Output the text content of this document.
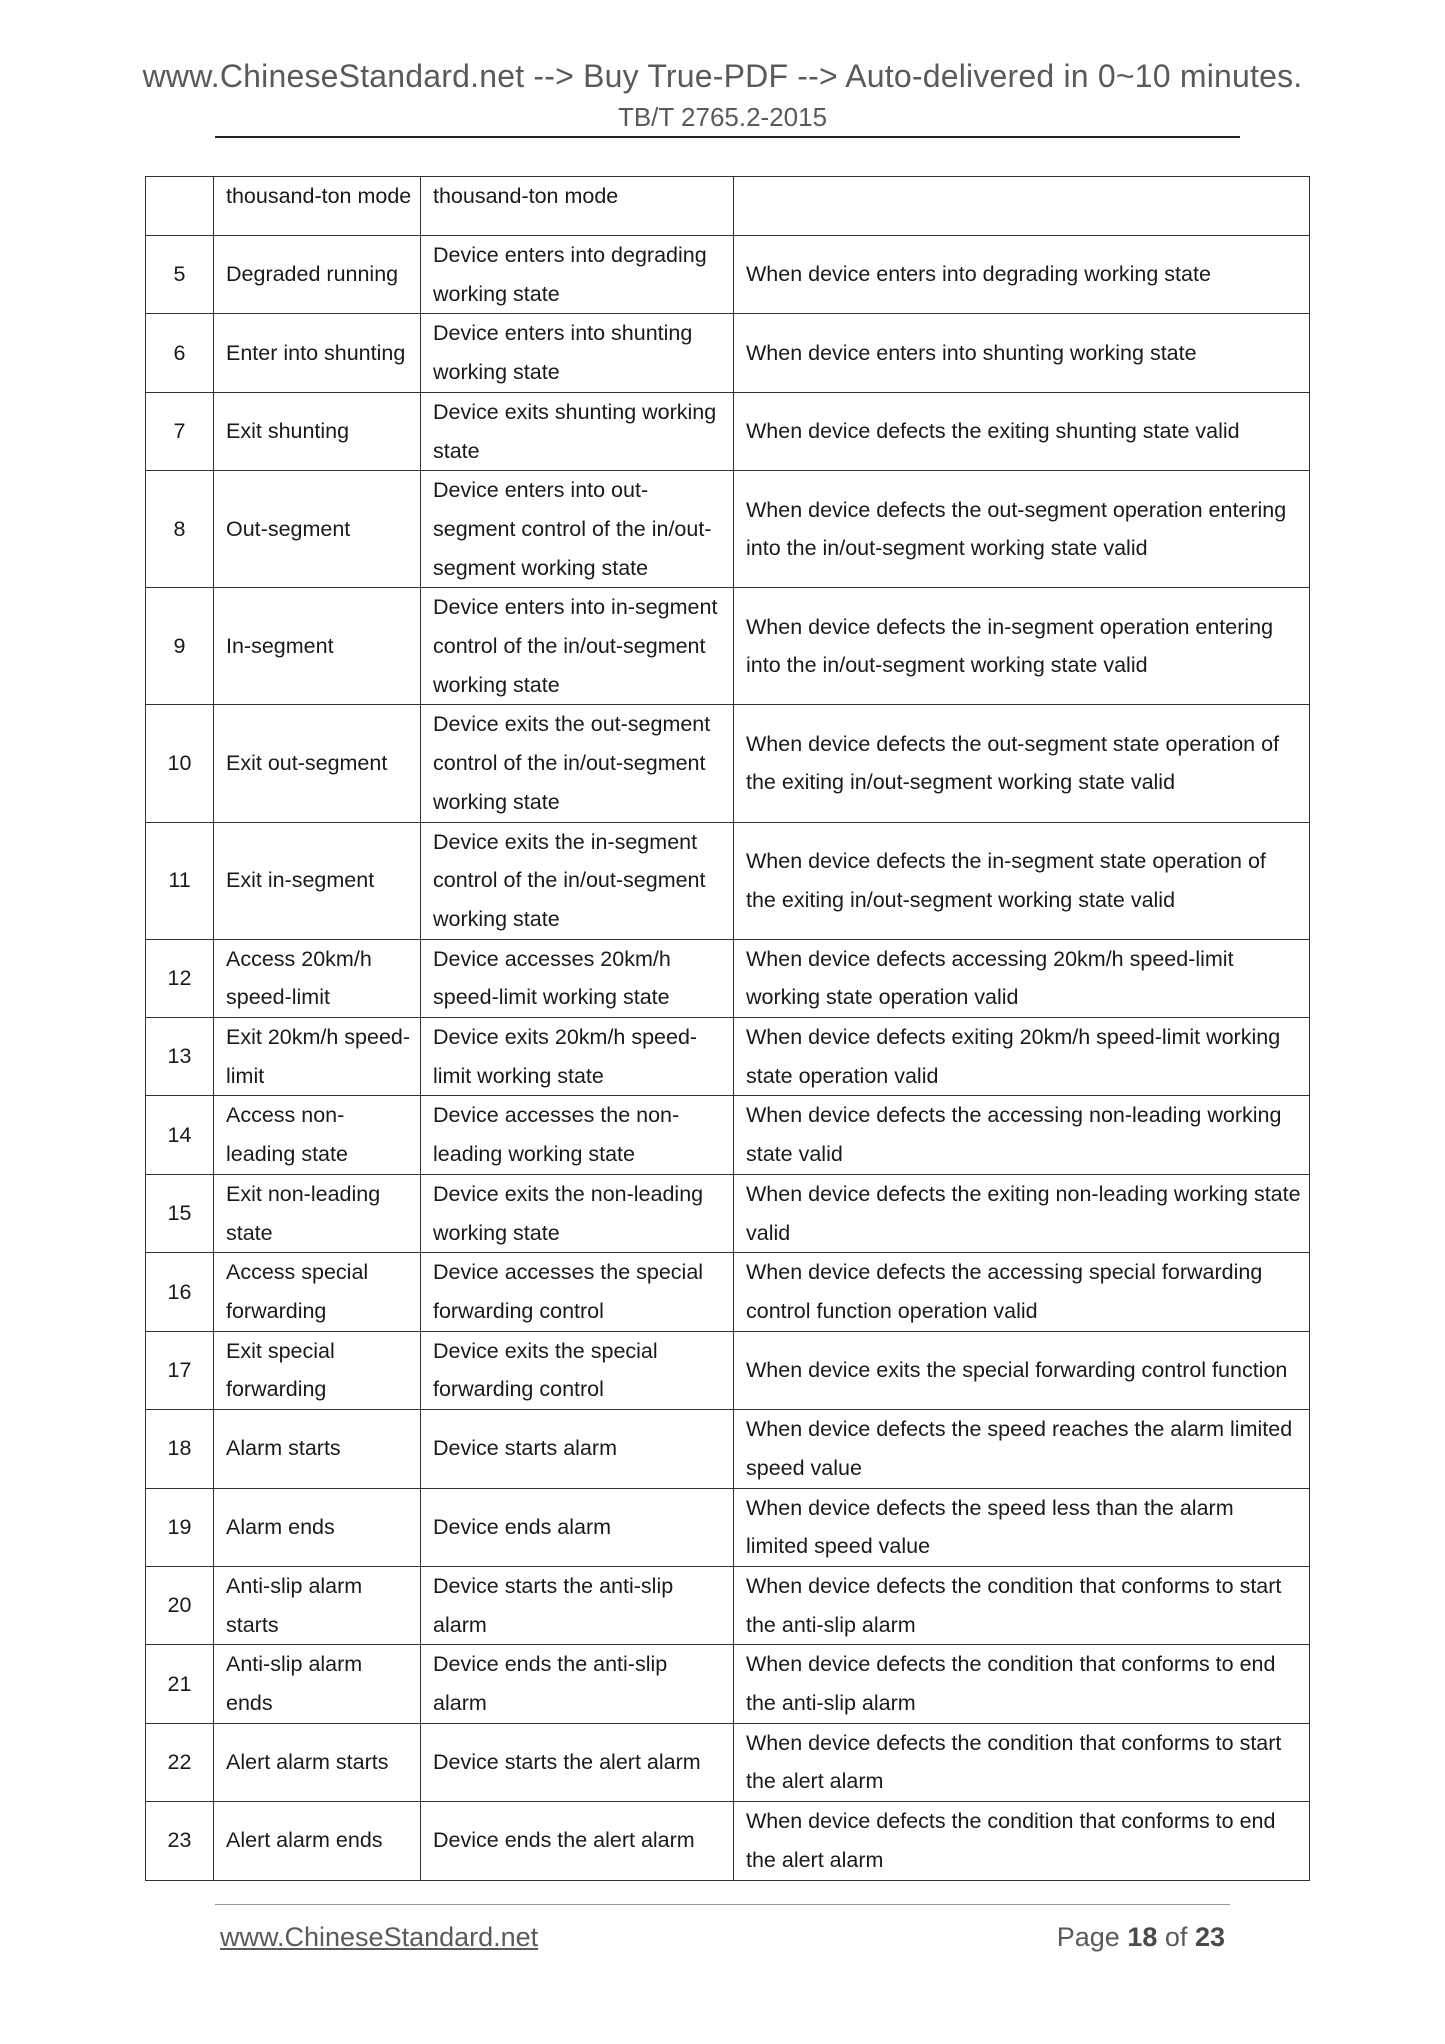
www.ChineseStandard.net --> Buy True-PDF --> Auto-delivered in 0~10 minutes.
TB/T 2765.2-2015
	thousand-ton mode	thousand-ton mode	
5	Degraded running	Device enters into degrading working state	When device enters into degrading working state
6	Enter into shunting	Device enters into shunting working state	When device enters into shunting working state
7	Exit shunting	Device exits shunting working state	When device defects the exiting shunting state valid
8	Out-segment	Device enters into out-segment control of the in/out-segment working state	When device defects the out-segment operation entering into the in/out-segment working state valid
9	In-segment	Device enters into in-segment control of the in/out-segment working state	When device defects the in-segment operation entering into the in/out-segment working state valid
10	Exit out-segment	Device exits the out-segment control of the in/out-segment working state	When device defects the out-segment state operation of the exiting in/out-segment working state valid
11	Exit in-segment	Device exits the in-segment control of the in/out-segment working state	When device defects the in-segment state operation of the exiting in/out-segment working state valid
12	Access 20km/h speed-limit	Device accesses 20km/h speed-limit working state	When device defects accessing 20km/h speed-limit working state operation valid
13	Exit 20km/h speed-limit	Device exits 20km/h speed-limit working state	When device defects exiting 20km/h speed-limit working state operation valid
14	Access non-leading state	Device accesses the non-leading working state	When device defects the accessing non-leading working state valid
15	Exit non-leading state	Device exits the non-leading working state	When device defects the exiting non-leading working state valid
16	Access special forwarding	Device accesses the special forwarding control	When device defects the accessing special forwarding control function operation valid
17	Exit special forwarding	Device exits the special forwarding control	When device exits the special forwarding control function
18	Alarm starts	Device starts alarm	When device defects the speed reaches the alarm limited speed value
19	Alarm ends	Device ends alarm	When device defects the speed less than the alarm limited speed value
20	Anti-slip alarm starts	Device starts the anti-slip alarm	When device defects the condition that conforms to start the anti-slip alarm
21	Anti-slip alarm ends	Device ends the anti-slip alarm	When device defects the condition that conforms to end the anti-slip alarm
22	Alert alarm starts	Device starts the alert alarm	When device defects the condition that conforms to start the alert alarm
23	Alert alarm ends	Device ends the alert alarm	When device defects the condition that conforms to end the alert alarm
www.ChineseStandard.net	Page 18 of 23
